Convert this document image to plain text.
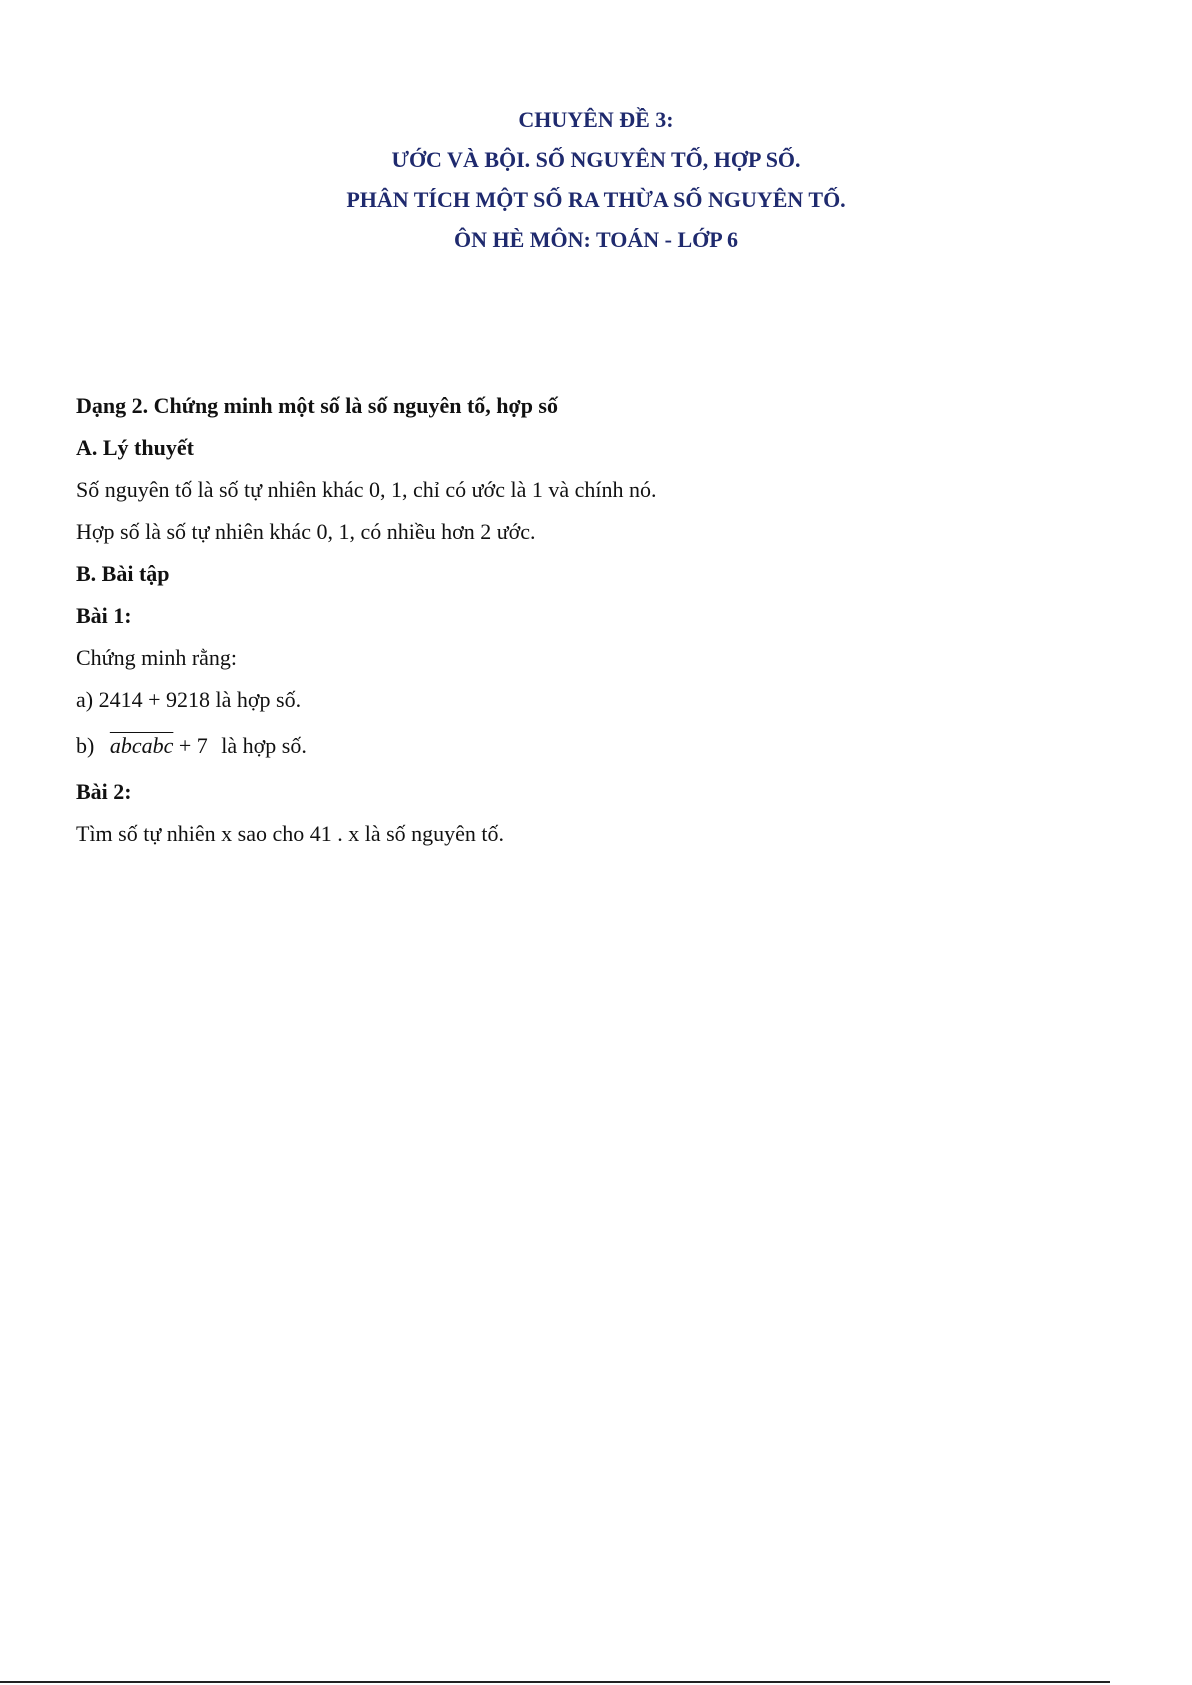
CHUYÊN ĐỀ 3:
ƯỚC VÀ BỘI. SỐ NGUYÊN TỐ, HỢP SỐ.
PHÂN TÍCH MỘT SỐ RA THỪA SỐ NGUYÊN TỐ.
ÔN HÈ MÔN: TOÁN - LỚP 6
Dạng 2. Chứng minh một số là số nguyên tố, hợp số
A. Lý thuyết
Số nguyên tố là số tự nhiên khác 0, 1, chỉ có ước là 1 và chính nó.
Hợp số là số tự nhiên khác 0, 1, có nhiều hơn 2 ước.
B. Bài tập
Bài 1:
Chứng minh rằng:
a) 2414 + 9218 là hợp số.
b) abcabc + 7 là hợp số.
Bài 2:
Tìm số tự nhiên x sao cho 41 . x là số nguyên tố.
